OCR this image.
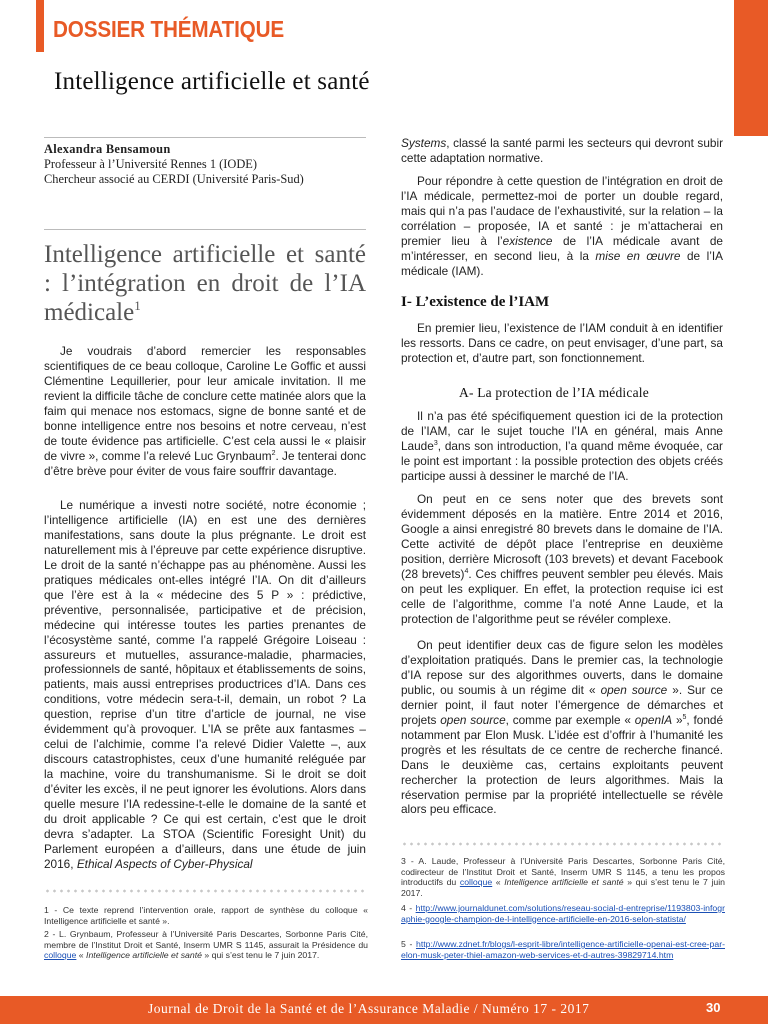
DOSSIER THÉMATIQUE
Intelligence artificielle et santé
Alexandra Bensamoun
Professeur à l’Université Rennes 1 (IODE)
Chercheur associé au CERDI (Université Paris-Sud)
Intelligence artificielle et santé : l’intégration en droit de l’IA médicale$^1$

Je voudrais d’abord remercier les responsables scientifiques de ce beau colloque, Caroline Le Goffic et aussi Clémentine Lequillerier, pour leur amicale invitation. Il me revient la difficile tâche de conclure cette matinée alors que la faim qui menace nos estomacs, signe de bonne santé et de bonne intelligence entre nos besoins et notre cerveau, n’est de toute évidence pas artificielle. C’est cela aussi le « plaisir de vivre », comme l’a relevé Luc Grynbaum$^2$. Je tenterai donc d’être brève pour éviter de vous faire souffrir davantage.

Le numérique a investi notre société, notre économie ; l’intelligence artificielle (IA) en est une des dernières manifestations, sans doute la plus prégnante. Le droit est naturellement mis à l’épreuve par cette expérience disruptive. Le droit de la santé n’échappe pas au phénomène. Aussi les pratiques médicales ont-elles intégré l’IA. On dit d’ailleurs que l’ère est à la « médecine des 5 P » : prédictive, préventive, personnalisée, participative et de précision, médecine qui intéresse toutes les parties prenantes de l’écosystème santé, comme l’a rappelé Grégoire Loiseau : assureurs et mutuelles, assurance-maladie, pharmacies, professionnels de santé, hôpitaux et établissements de soins, patients, mais aussi entreprises productrices d’IA. Dans ces conditions, votre médecin sera-t-il, demain, un robot ? La question, reprise d’un titre d’article de journal, ne vise évidemment qu’à provoquer. L’IA se prête aux fantasmes – celui de l’alchimie, comme l’a relevé Didier Valette –, aux discours catastrophistes, ceux d’une humanité reléguée par la machine, voire du transhumanisme. Si le droit se doit d’éviter les excès, il ne peut ignorer les évolutions. Alors dans quelle mesure l’IA redessine-t-elle le domaine de la santé et du droit applicable ? Ce qui est certain, c’est que le droit devra s’adapter. La STOA (Scientific Foresight Unit) du Parlement européen a d’ailleurs, dans une étude de juin 2016, Ethical Aspects of Cyber-Physical

Systems, classé la santé parmi les secteurs qui devront subir cette adaptation normative.

Pour répondre à cette question de l’intégration en droit de l’IA médicale, permettez-moi de porter un double regard, mais qui n’a pas l’audace de l’exhaustivité, sur la relation – la corrélation – proposée, IA et santé : je m’attacherai en premier lieu à l’existence de l’IA médicale avant de m’intéresser, en second lieu, à la mise en œuvre de l’IA médicale (IAM).

I- L’existence de l’IAM

En premier lieu, l’existence de l’IAM conduit à en identifier les ressorts. Dans ce cadre, on peut envisager, d’une part, sa protection et, d’autre part, son fonctionnement.

A- La protection de l’IA médicale

Il n’a pas été spécifiquement question ici de la protection de l’IAM, car le sujet touche l’IA en général, mais Anne Laude$^3$, dans son introduction, l’a quand même évoquée, car le point est important : la possible protection des objets créés participe aussi à dessiner le marché de l’IA.

On peut en ce sens noter que des brevets sont évidemment déposés en la matière. Entre 2014 et 2016, Google a ainsi enregistré 80 brevets dans le domaine de l’IA. Cette activité de dépôt place l’entreprise en deuxième position, derrière Microsoft (103 brevets) et devant Facebook (28 brevets)$^4$. Ces chiffres peuvent sembler peu élevés. Mais on peut les expliquer. En effet, la protection requise ici est celle de l’algorithme, comme l’a noté Anne Laude, et la protection de l’algorithme peut se révéler complexe.

On peut identifier deux cas de figure selon les modèles d’exploitation pratiqués. Dans le premier cas, la technologie d’IA repose sur des algorithmes ouverts, dans le domaine public, ou soumis à un régime dit « open source ». Sur ce dernier point, il faut noter l’émergence de démarches et projets open source, comme par exemple « openIA »$^5$, fondé notamment par Elon Musk. L’idée est d’offrir à l’humanité les progrès et les résultats de ce centre de recherche financé. Dans le deuxième cas, certains exploitants peuvent rechercher la protection de leurs algorithmes. Mais la réservation permise par la propriété intellectuelle se révèle alors peu efficace.

1 - Ce texte reprend l’intervention orale, rapport de synthèse du colloque « Intelligence artificielle et santé ».
2 - L. Grynbaum, Professeur à l’Université Paris Descartes, Sorbonne Paris Cité, membre de l’Institut Droit et Santé, Inserm UMR S 1145, assurait la Présidence du colloque « Intelligence artificielle et santé » qui s’est tenu le 7 juin 2017.
3 - A. Laude, Professeur à l’Université Paris Descartes, Sorbonne Paris Cité, codirecteur de l’Institut Droit et Santé, Inserm UMR S 1145, a tenu les propos introductifs du colloque « Intelligence artificielle et santé » qui s’est tenu le 7 juin 2017.
4 - http://www.journaldunet.com/solutions/reseau-social-d-entreprise/1193803-infographie-google-champion-de-l-intelligence-artificielle-en-2016-selon-statista/
5 - http://www.zdnet.fr/blogs/l-esprit-libre/intelligence-artificielle-openai-est-cree-par-elon-musk-peter-thiel-amazon-web-services-et-d-autres-39829714.htm
Journal de Droit de la Santé et de l’Assurance Maladie / Numéro 17 - 2017	30
